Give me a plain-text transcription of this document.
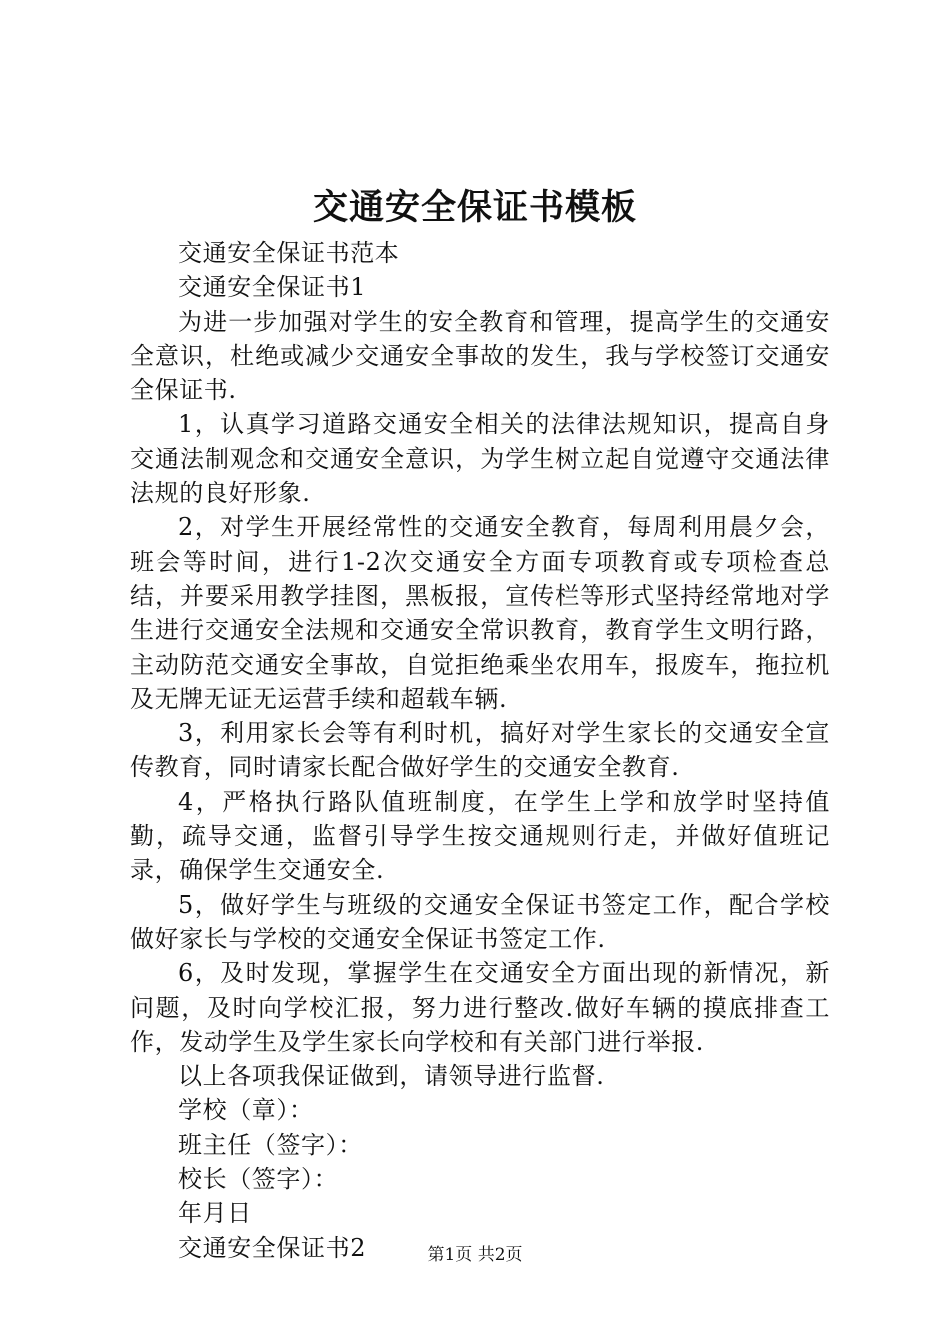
交通安全保证书模板

交通安全保证书范本

交通安全保证书1

为进一步加强对学生的安全教育和管理，提高学生的交通安全意识，杜绝或减少交通安全事故的发生，我与学校签订交通安全保证书.

1，认真学习道路交通安全相关的法律法规知识，提高自身交通法制观念和交通安全意识，为学生树立起自觉遵守交通法律法规的良好形象.

2，对学生开展经常性的交通安全教育，每周利用晨夕会，班会等时间，进行1-2次交通安全方面专项教育或专项检查总结，并要采用教学挂图，黑板报，宣传栏等形式坚持经常地对学生进行交通安全法规和交通安全常识教育，教育学生文明行路，主动防范交通安全事故，自觉拒绝乘坐农用车，报废车，拖拉机及无牌无证无运营手续和超载车辆.

3，利用家长会等有利时机，搞好对学生家长的交通安全宣传教育，同时请家长配合做好学生的交通安全教育.

4，严格执行路队值班制度，在学生上学和放学时坚持值勤，疏导交通，监督引导学生按交通规则行走，并做好值班记录，确保学生交通安全.

5，做好学生与班级的交通安全保证书签定工作，配合学校做好家长与学校的交通安全保证书签定工作.

6，及时发现，掌握学生在交通安全方面出现的新情况，新问题，及时向学校汇报，努力进行整改.做好车辆的摸底排查工作，发动学生及学生家长向学校和有关部门进行举报.

以上各项我保证做到，请领导进行监督.

学校（章）：

班主任（签字）：

校长（签字）：

年月日

交通安全保证书2	第1页 共2页
